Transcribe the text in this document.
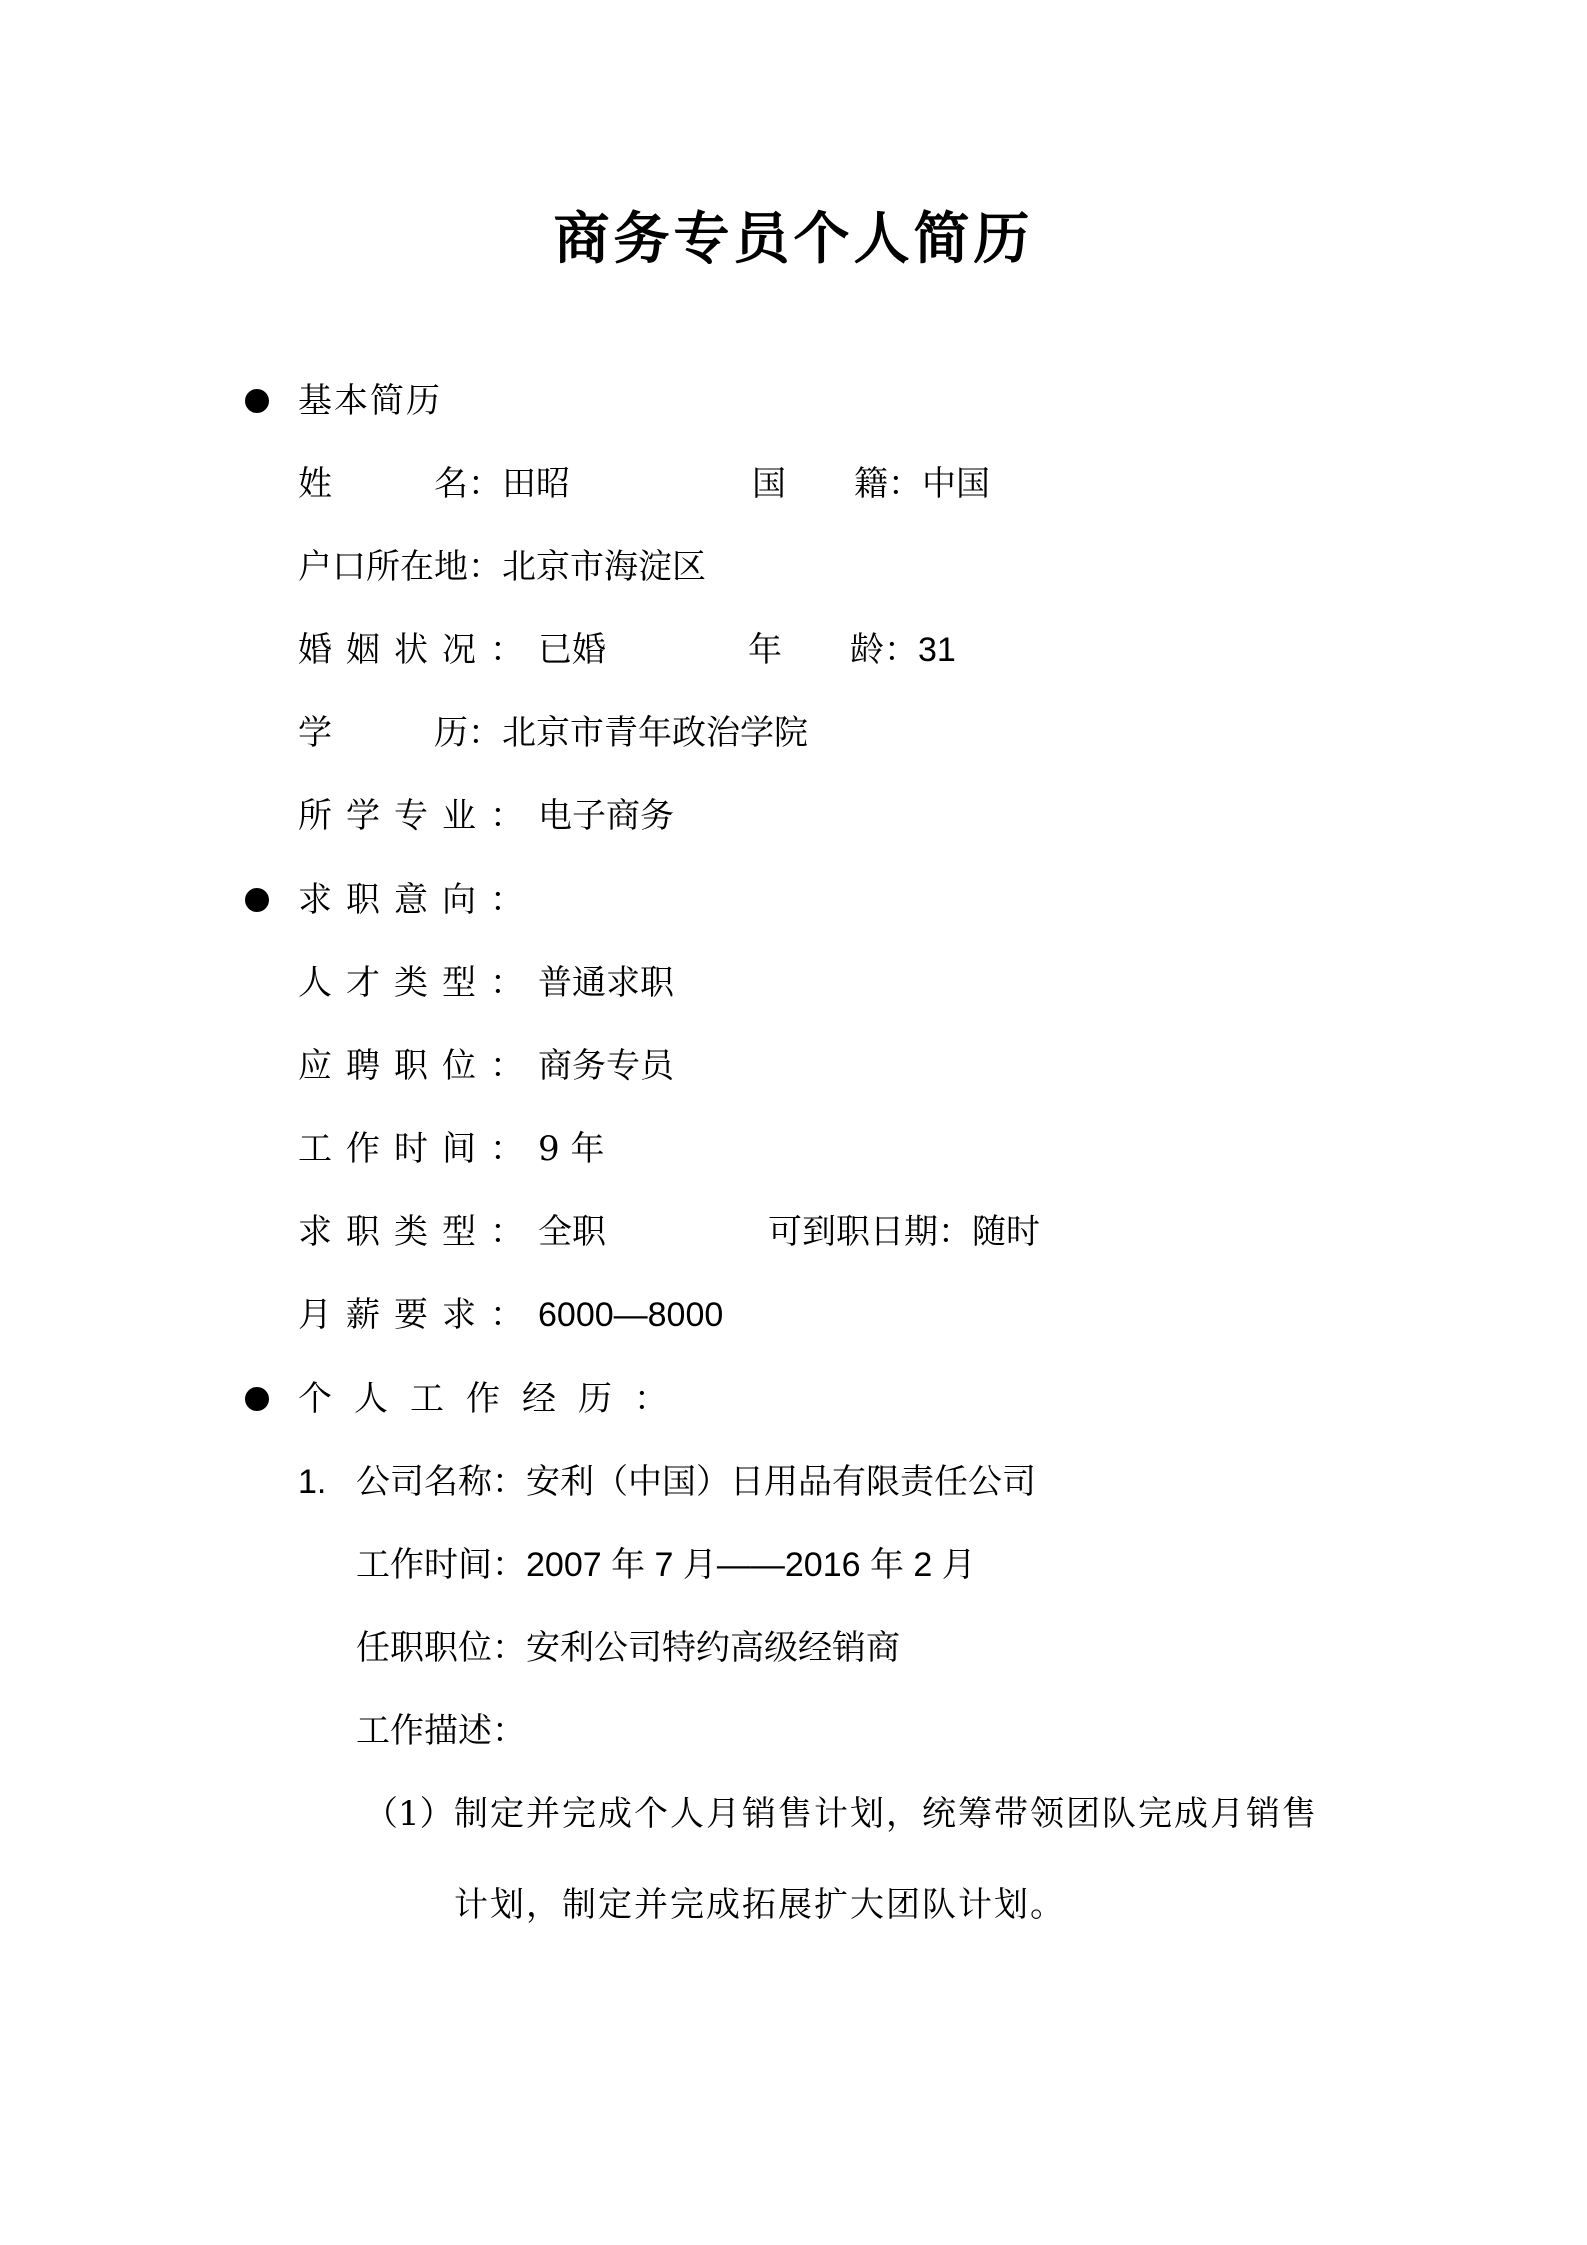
商务专员个人简历
基本简历
姓　　　名：田昭	国　　籍：中国
户口所在地：北京市海淀区
婚姻状况：已婚	年　　龄：31
学　　　历：北京市青年政治学院
所学专业：电子商务
求职意向：
人才类型：普通求职
应聘职位：商务专员
工作时间：9 年
求职类型：全职	可到职日期：随时
月薪要求：6000—8000
个人工作经历：
1. 公司名称：安利（中国）日用品有限责任公司
工作时间：2007 年 7 月——2016 年 2 月
任职职位：安利公司特约高级经销商
工作描述：
（1）制定并完成个人月销售计划，统筹带领团队完成月销售
计划，制定并完成拓展扩大团队计划。
